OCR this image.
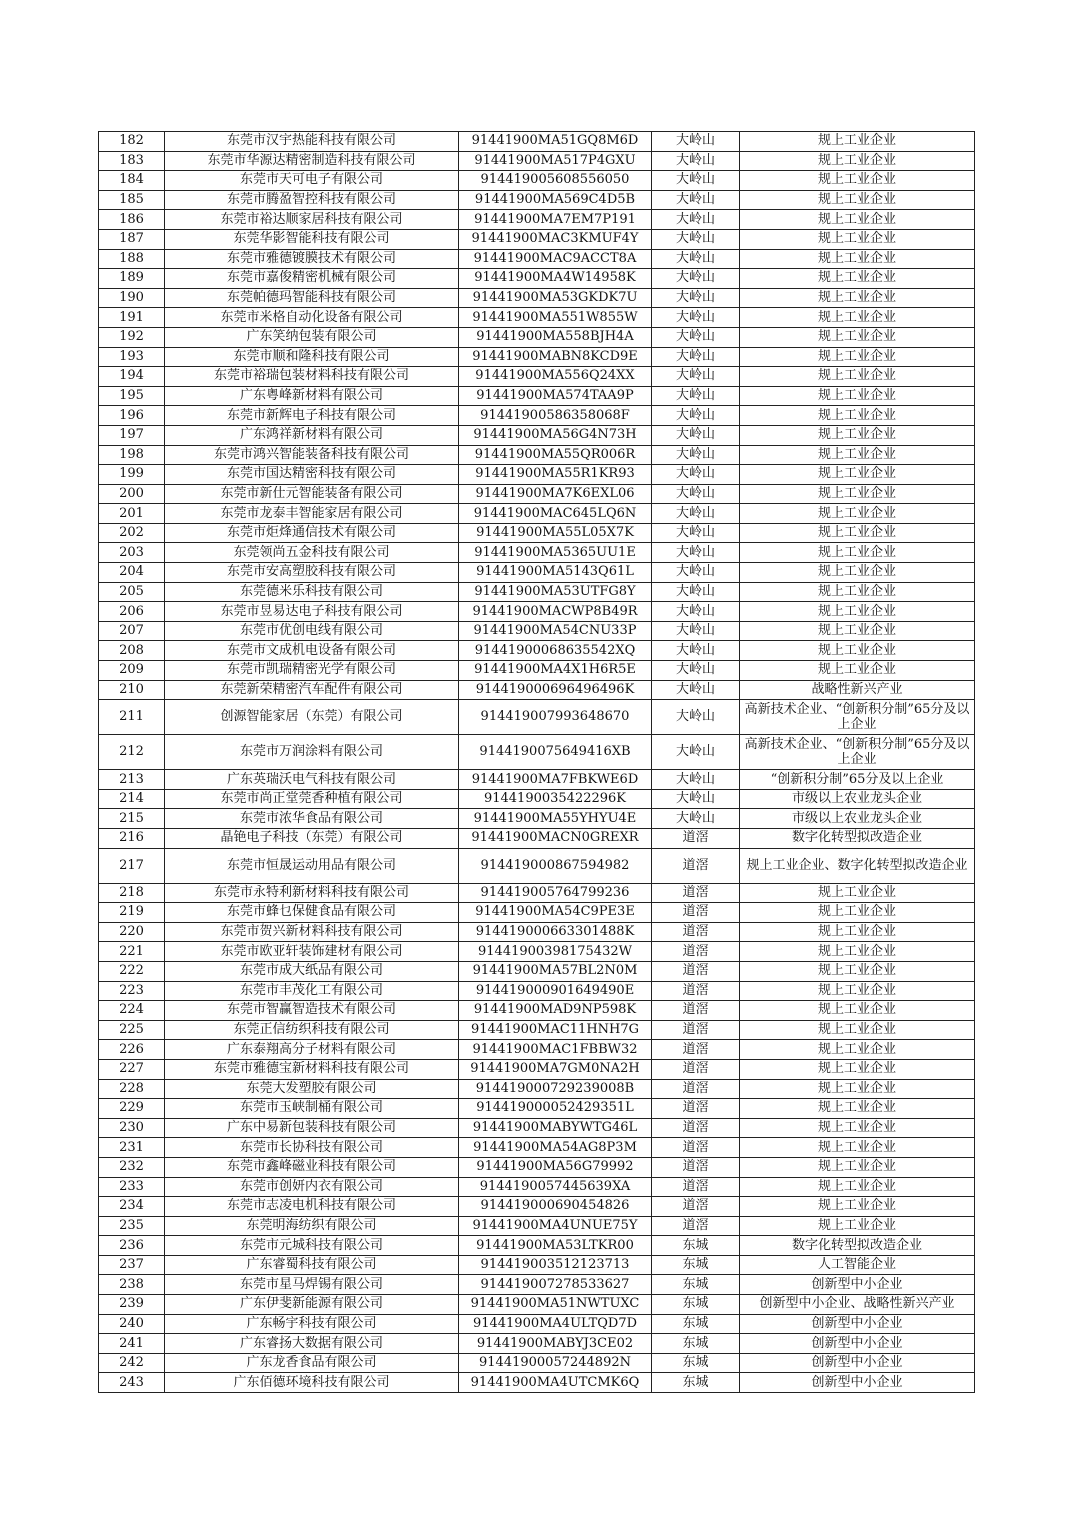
182	东莞市汉宇热能科技有限公司	91441900MA51GQ8M6D	大岭山	规上工业企业
183	东莞市华源达精密制造科技有限公司	91441900MA517P4GXU	大岭山	规上工业企业
184	东莞市天可电子有限公司	914419005608556050	大岭山	规上工业企业
185	东莞市腾盈智控科技有限公司	91441900MA569C4D5B	大岭山	规上工业企业
186	东莞市裕达顺家居科技有限公司	91441900MA7EM7P191	大岭山	规上工业企业
187	东莞华影智能科技有限公司	91441900MAC3KMUF4Y	大岭山	规上工业企业
188	东莞市雅德镀膜技术有限公司	91441900MAC9ACCT8A	大岭山	规上工业企业
189	东莞市嘉俊精密机械有限公司	91441900MA4W14958K	大岭山	规上工业企业
190	东莞帕德玛智能科技有限公司	91441900MA53GKDK7U	大岭山	规上工业企业
191	东莞市米格自动化设备有限公司	91441900MA551W855W	大岭山	规上工业企业
192	广东笑纳包装有限公司	91441900MA558BJH4A	大岭山	规上工业企业
193	东莞市顺和隆科技有限公司	91441900MABN8KCD9E	大岭山	规上工业企业
194	东莞市裕瑞包装材料科技有限公司	91441900MA556Q24XX	大岭山	规上工业企业
195	广东粤峰新材料有限公司	91441900MA574TAA9P	大岭山	规上工业企业
196	东莞市新辉电子科技有限公司	91441900586358068F	大岭山	规上工业企业
197	广东鸿祥新材料有限公司	91441900MA56G4N73H	大岭山	规上工业企业
198	东莞市鸿兴智能装备科技有限公司	91441900MA55QR006R	大岭山	规上工业企业
199	东莞市国达精密科技有限公司	91441900MA55R1KR93	大岭山	规上工业企业
200	东莞市新仕元智能装备有限公司	91441900MA7K6EXL06	大岭山	规上工业企业
201	东莞市龙泰丰智能家居有限公司	91441900MAC645LQ6N	大岭山	规上工业企业
202	东莞市炬烽通信技术有限公司	91441900MA55L05X7K	大岭山	规上工业企业
203	东莞领尚五金科技有限公司	91441900MA5365UU1E	大岭山	规上工业企业
204	东莞市安高塑胶科技有限公司	91441900MA5143Q61L	大岭山	规上工业企业
205	东莞德米乐科技有限公司	91441900MA53UTFG8Y	大岭山	规上工业企业
206	东莞市昱易达电子科技有限公司	91441900MACWP8B49R	大岭山	规上工业企业
207	东莞市优创电线有限公司	91441900MA54CNU33P	大岭山	规上工业企业
208	东莞市文成机电设备有限公司	91441900068635542XQ	大岭山	规上工业企业
209	东莞市凯瑞精密光学有限公司	91441900MA4X1H6R5E	大岭山	规上工业企业
210	东莞新荣精密汽车配件有限公司	914419000696496496K	大岭山	战略性新兴产业
211	创源智能家居（东莞）有限公司	914419007993648670	大岭山	高新技术企业、“创新积分制”65分及以上企业
212	东莞市万润涂料有限公司	9144190075649416XB	大岭山	高新技术企业、“创新积分制”65分及以上企业
213	广东英瑞沃电气科技有限公司	91441900MA7FBKWE6D	大岭山	“创新积分制”65分及以上企业
214	东莞市尚正堂莞香种植有限公司	9144190035422296K	大岭山	市级以上农业龙头企业
215	东莞市浓华食品有限公司	91441900MA55YHYU4E	大岭山	市级以上农业龙头企业
216	晶铯电子科技（东莞）有限公司	91441900MACN0GREXR	道滘	数字化转型拟改造企业
217	东莞市恒晟运动用品有限公司	914419000867594982	道滘	规上工业企业、数字化转型拟改造企业
218	东莞市永特利新材料科技有限公司	914419005764799236	道滘	规上工业企业
219	东莞市蜂乜保健食品有限公司	91441900MA54C9PE3E	道滘	规上工业企业
220	东莞市贺兴新材料科技有限公司	914419000663301488K	道滘	规上工业企业
221	东莞市欧亚轩装饰建材有限公司	91441900398175432W	道滘	规上工业企业
222	东莞市成大纸品有限公司	91441900MA57BL2N0M	道滘	规上工业企业
223	东莞市丰茂化工有限公司	914419000901649490E	道滘	规上工业企业
224	东莞市智赢智造技术有限公司	91441900MAD9NP598K	道滘	规上工业企业
225	东莞正信纺织科技有限公司	91441900MAC11HNH7G	道滘	规上工业企业
226	广东泰翔高分子材料有限公司	91441900MAC1FBBW32	道滘	规上工业企业
227	东莞市雅德宝新材料科技有限公司	91441900MA7GM0NA2H	道滘	规上工业企业
228	东莞大发塑胶有限公司	914419000729239008B	道滘	规上工业企业
229	东莞市玉峡制桶有限公司	914419000052429351L	道滘	规上工业企业
230	广东中易新包装科技有限公司	91441900MABYWTG46L	道滘	规上工业企业
231	东莞市长协科技有限公司	91441900MA54AG8P3M	道滘	规上工业企业
232	东莞市鑫峰磁业科技有限公司	91441900MA56G79992	道滘	规上工业企业
233	东莞市创妍内衣有限公司	9144190057445639XA	道滘	规上工业企业
234	东莞市志凌电机科技有限公司	914419000690454826	道滘	规上工业企业
235	东莞明海纺织有限公司	91441900MA4UNUE75Y	道滘	规上工业企业
236	东莞市元城科技有限公司	91441900MA53LTKR00	东城	数字化转型拟改造企业
237	广东睿蜀科技有限公司	914419003512123713	东城	人工智能企业
238	东莞市星马焊锡有限公司	914419007278533627	东城	创新型中小企业
239	广东伊斐新能源有限公司	91441900MA51NWTUXC	东城	创新型中小企业、战略性新兴产业
240	广东畅宇科技有限公司	91441900MA4ULTQD7D	东城	创新型中小企业
241	广东睿扬大数据有限公司	91441900MABYJ3CE02	东城	创新型中小企业
242	广东龙香食品有限公司	91441900057244892N	东城	创新型中小企业
243	广东佰德环境科技有限公司	91441900MA4UTCMK6Q	东城	创新型中小企业
